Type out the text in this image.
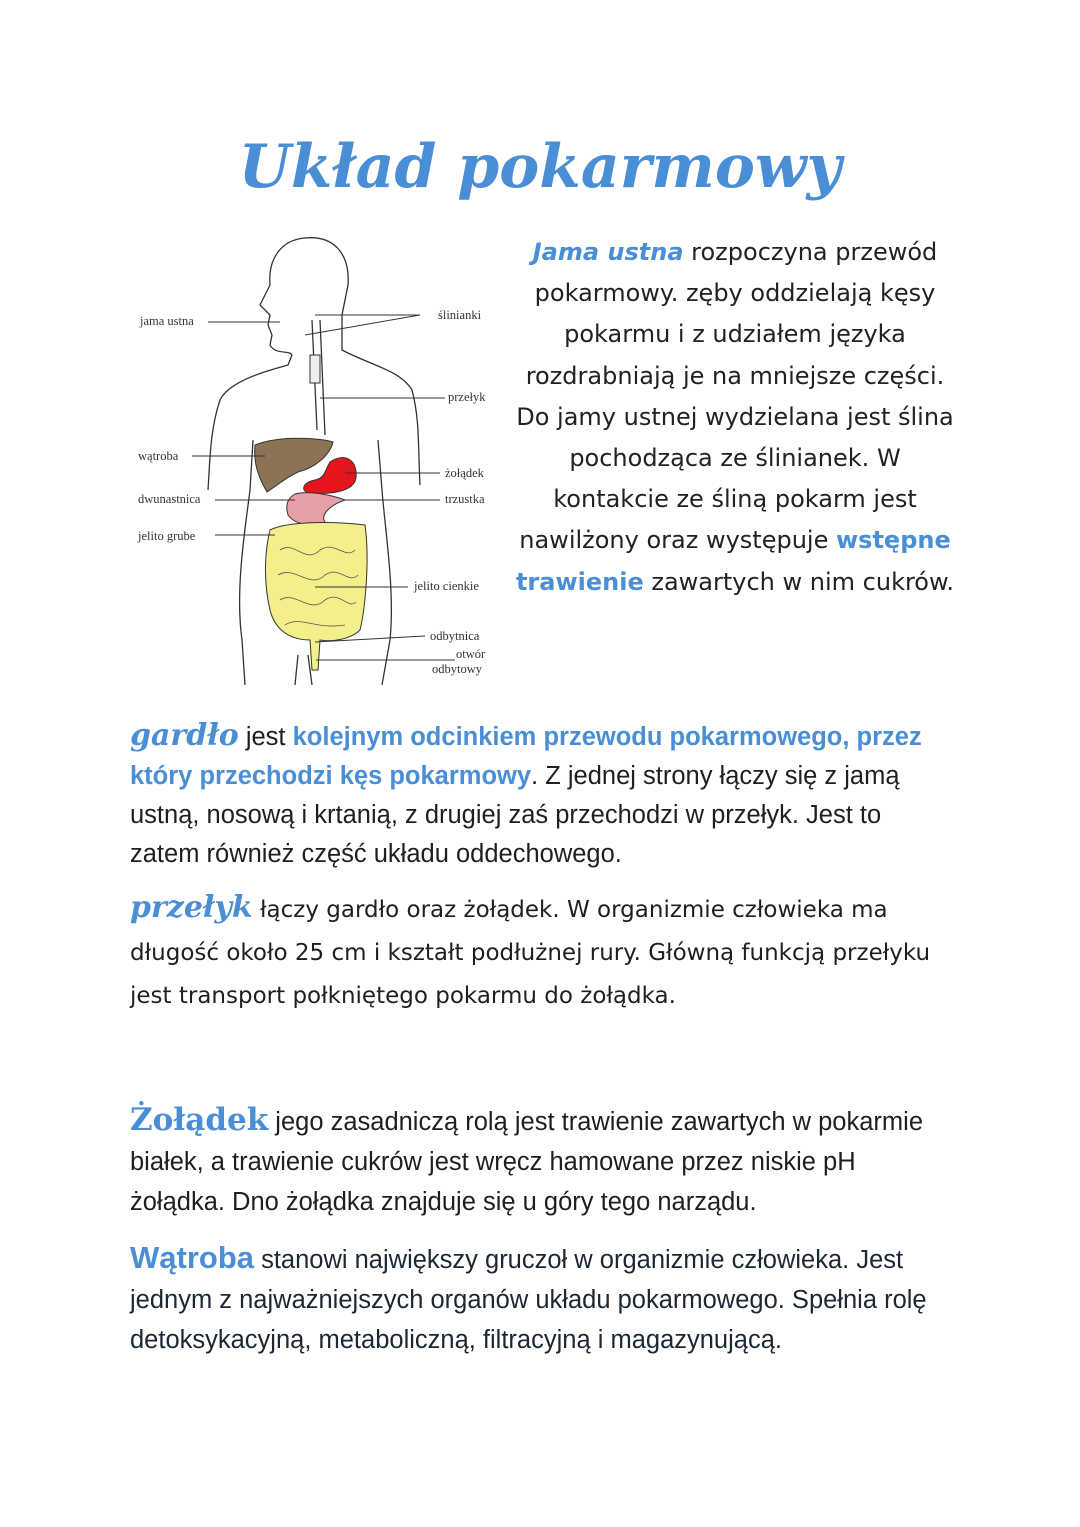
Układ pokarmowy
jama ustna	ślinianki
przełyk
wątroba
żołądek
dwunastnica	trzustka
jelito grube
jelito cienkie
odbytnica
otwór
odbytowy
Jama ustna rozpoczyna przewód pokarmowy. zęby oddzielają kęsy pokarmu i z udziałem języka rozdrabniają je na mniejsze części. Do jamy ustnej wydzielana jest ślina pochodząca ze ślinianek. W kontakcie ze śliną pokarm jest nawilżony oraz występuje wstępne trawienie zawartych w nim cukrów.
gardło jest kolejnym odcinkiem przewodu pokarmowego, przez który przechodzi kęs pokarmowy. Z jednej strony łączy się z jamą ustną, nosową i krtanią, z drugiej zaś przechodzi w przełyk. Jest to zatem również część układu oddechowego.
przełyk łączy gardło oraz żołądek. W organizmie człowieka ma długość około 25 cm i kształt podłużnej rury. Główną funkcją przełyku jest transport połkniętego pokarmu do żołądka.
Żołądek jego zasadniczą rolą jest trawienie zawartych w pokarmie białek, a trawienie cukrów jest wręcz hamowane przez niskie pH żołądka. Dno żołądka znajduje się u góry tego narządu.
Wątroba stanowi największy gruczoł w organizmie człowieka. Jest jednym z najważniejszych organów układu pokarmowego. Spełnia rolę detoksykacyjną, metaboliczną, filtracyjną i magazynującą.
